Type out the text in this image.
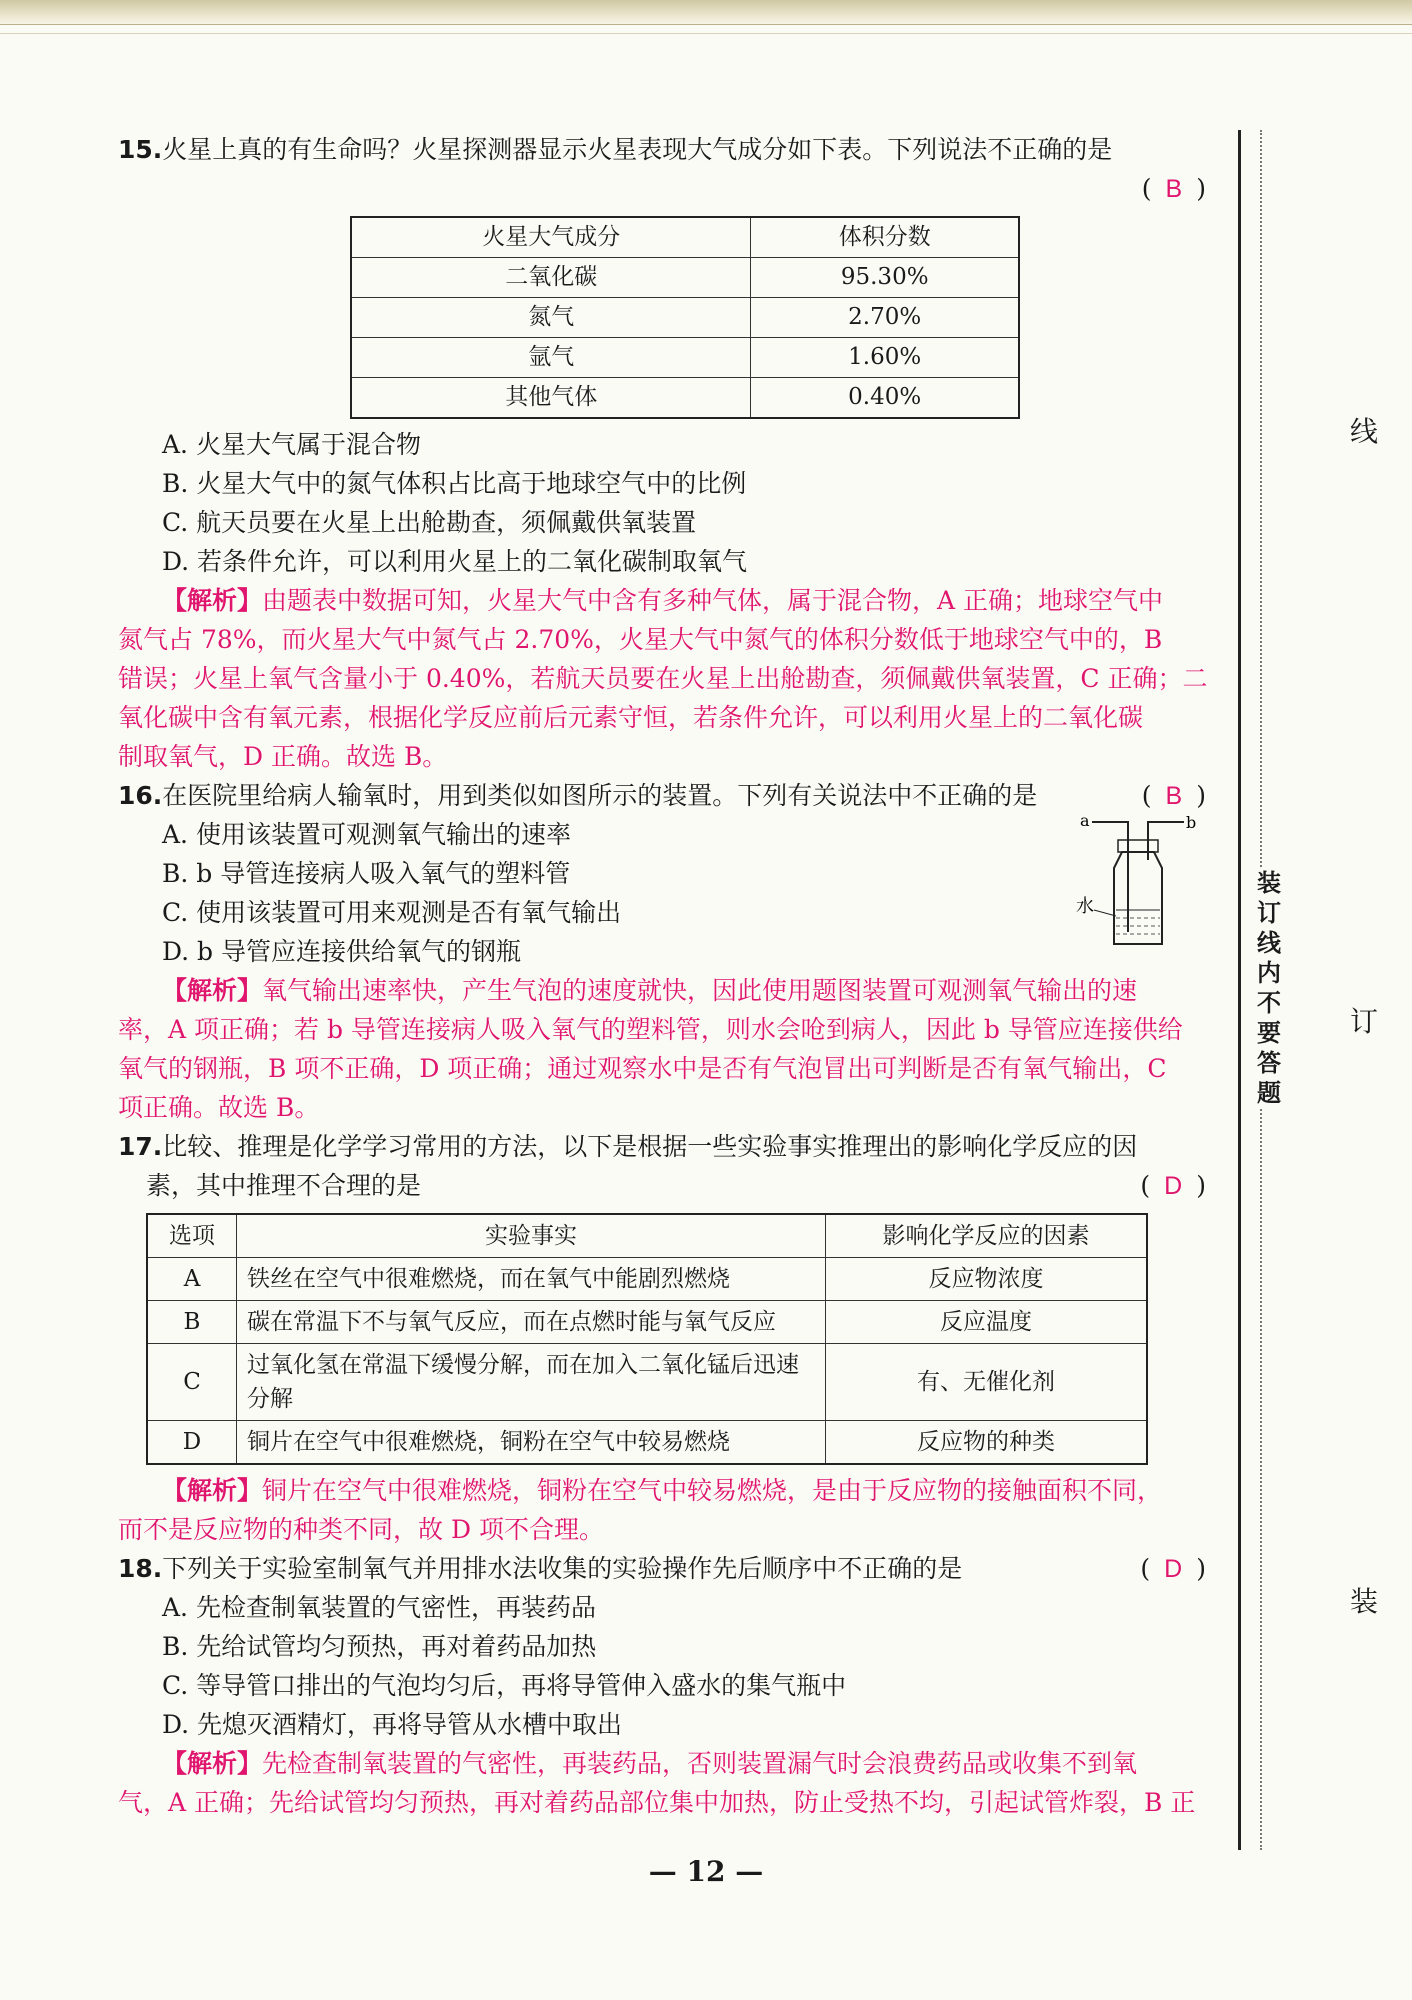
15.火星上真的有生命吗？火星探测器显示火星表现大气成分如下表。下列说法不正确的是
( B )
火星大气成分	体积分数
二氧化碳	95.30%
氮气	2.70%
氩气	1.60%
其他气体	0.40%

A. 火星大气属于混合物

B. 火星大气中的氮气体积占比高于地球空气中的比例

C. 航天员要在火星上出舱勘查，须佩戴供氧装置

D. 若条件允许，可以利用火星上的二氧化碳制取氧气

【解析】由题表中数据可知，火星大气中含有多种气体，属于混合物，A 正确；地球空气中

氮气占 78%，而火星大气中氮气占 2.70%，火星大气中氮气的体积分数低于地球空气中的，B

错误；火星上氧气含量小于 0.40%，若航天员要在火星上出舱勘查，须佩戴供氧装置，C 正确；二

氧化碳中含有氧元素，根据化学反应前后元素守恒，若条件允许，可以利用火星上的二氧化碳

制取氧气，D 正确。故选 B。

16.在医院里给病人输氧时，用到类似如图所示的装置。下列有关说法中不正确的是	( B )

A. 使用该装置可观测氧气输出的速率

B. b 导管连接病人吸入氧气的塑料管

C. 使用该装置可用来观测是否有氧气输出

D. b 导管应连接供给氧气的钢瓶

a	b
水

【解析】氧气输出速率快，产生气泡的速度就快，因此使用题图装置可观测氧气输出的速

率，A 项正确；若 b 导管连接病人吸入氧气的塑料管，则水会呛到病人，因此 b 导管应连接供给

氧气的钢瓶，B 项不正确，D 项正确；通过观察水中是否有气泡冒出可判断是否有氧气输出，C

项正确。故选 B。

17.比较、推理是化学学习常用的方法，以下是根据一些实验事实推理出的影响化学反应的因
素，其中推理不合理的是	( D )
选项	实验事实	影响化学反应的因素
A	铁丝在空气中很难燃烧，而在氧气中能剧烈燃烧	反应物浓度
B	碳在常温下不与氧气反应，而在点燃时能与氧气反应	反应温度
C	过氧化氢在常温下缓慢分解，而在加入二氧化锰后迅速分解	有、无催化剂
D	铜片在空气中很难燃烧，铜粉在空气中较易燃烧	反应物的种类

【解析】铜片在空气中很难燃烧，铜粉在空气中较易燃烧，是由于反应物的接触面积不同，

而不是反应物的种类不同，故 D 项不合理。

18.下列关于实验室制氧气并用排水法收集的实验操作先后顺序中不正确的是	( D )

A. 先检查制氧装置的气密性，再装药品

B. 先给试管均匀预热，再对着药品加热

C. 等导管口排出的气泡均匀后，再将导管伸入盛水的集气瓶中

D. 先熄灭酒精灯，再将导管从水槽中取出

【解析】先检查制氧装置的气密性，再装药品，否则装置漏气时会浪费药品或收集不到氧

气，A 正确；先给试管均匀预热，再对着药品部位集中加热，防止受热不均，引起试管炸裂，B 正

— 12 —
线
订
装
装订线内不要答题
